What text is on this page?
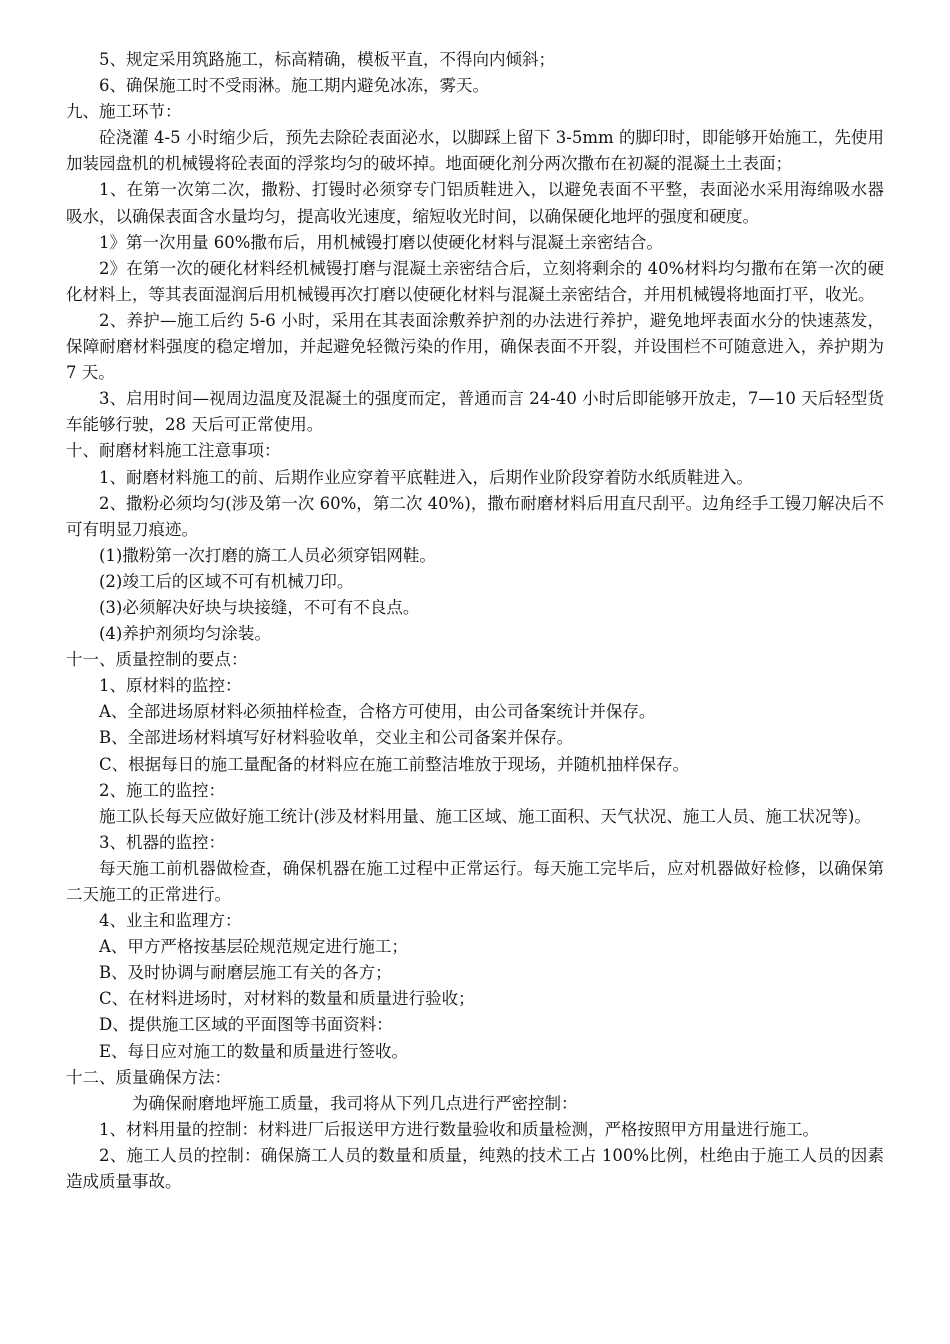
5、规定采用筑路施工，标高精确，模板平直，不得向内倾斜；

6、确保施工时不受雨淋。施工期内避免冰冻，雾天。

九、施工环节：

砼浇灌 4-5 小时缩少后，预先去除砼表面泌水，以脚踩上留下 3-5mm 的脚印时，即能够开始施工，先使用加装园盘机的机械镘将砼表面的浮浆均匀的破坏掉。地面硬化剂分两次撒布在初凝的混凝土土表面；

1、在第一次第二次，撒粉、打镘时必须穿专门铝质鞋进入，以避免表面不平整，表面泌水采用海绵吸水器吸水，以确保表面含水量均匀，提高收光速度，缩短收光时间，以确保硬化地坪的强度和硬度。

1》第一次用量 60%撒布后，用机械镘打磨以使硬化材料与混凝土亲密结合。

2》在第一次的硬化材料经机械镘打磨与混凝土亲密结合后，立刻将剩余的 40%材料均匀撒布在第一次的硬化材料上，等其表面湿润后用机械镘再次打磨以使硬化材料与混凝土亲密结合，并用机械镘将地面打平，收光。

2、养护—施工后约 5-6 小时，采用在其表面涂敷养护剂的办法进行养护，避免地坪表面水分的快速蒸发，保障耐磨材料强度的稳定增加，并起避免轻微污染的作用，确保表面不开裂，并设围栏不可随意进入，养护期为 7 天。

3、启用时间—视周边温度及混凝土的强度而定，普通而言 24-40 小时后即能够开放走，7—10 天后轻型货车能够行驶，28 天后可正常使用。

十、耐磨材料施工注意事项：

1、耐磨材料施工的前、后期作业应穿着平底鞋进入，后期作业阶段穿着防水纸质鞋进入。

2、撒粉必须均匀(涉及第一次 60%，第二次 40%)，撒布耐磨材料后用直尺刮平。边角经手工镘刀解决后不可有明显刀痕迹。

(1)撒粉第一次打磨的旖工人员必须穿铝网鞋。

(2)竣工后的区域不可有机械刀印。

(3)必须解决好块与块接缝，不可有不良点。

(4)养护剂须均匀涂装。

十一、质量控制的要点：

1、原材料的监控：

A、全部进场原材料必须抽样检查，合格方可使用，由公司备案统计并保存。

B、全部进场材料填写好材料验收单，交业主和公司备案并保存。

C、根据每日的施工量配备的材料应在施工前整洁堆放于现场，并随机抽样保存。

2、施工的监控：

施工队长每天应做好施工统计(涉及材料用量、施工区域、施工面积、天气状况、施工人员、施工状况等)。

3、机器的监控：

每天施工前机器做检查，确保机器在施工过程中正常运行。每天施工完毕后，应对机器做好检修，以确保第二天施工的正常进行。

4、业主和监理方：

A、甲方严格按基层砼规范规定进行施工；

B、及时协调与耐磨层施工有关的各方；

C、在材料进场时，对材料的数量和质量进行验收；

D、提供施工区域的平面图等书面资料：

E、每日应对施工的数量和质量进行签收。

十二、质量确保方法：

为确保耐磨地坪施工质量，我司将从下列几点进行严密控制：

1、材料用量的控制：材料进厂后报送甲方进行数量验收和质量检测，严格按照甲方用量进行施工。

2、施工人员的控制：确保旖工人员的数量和质量，纯熟的技术工占 100%比例，杜绝由于施工人员的因素造成质量事故。
